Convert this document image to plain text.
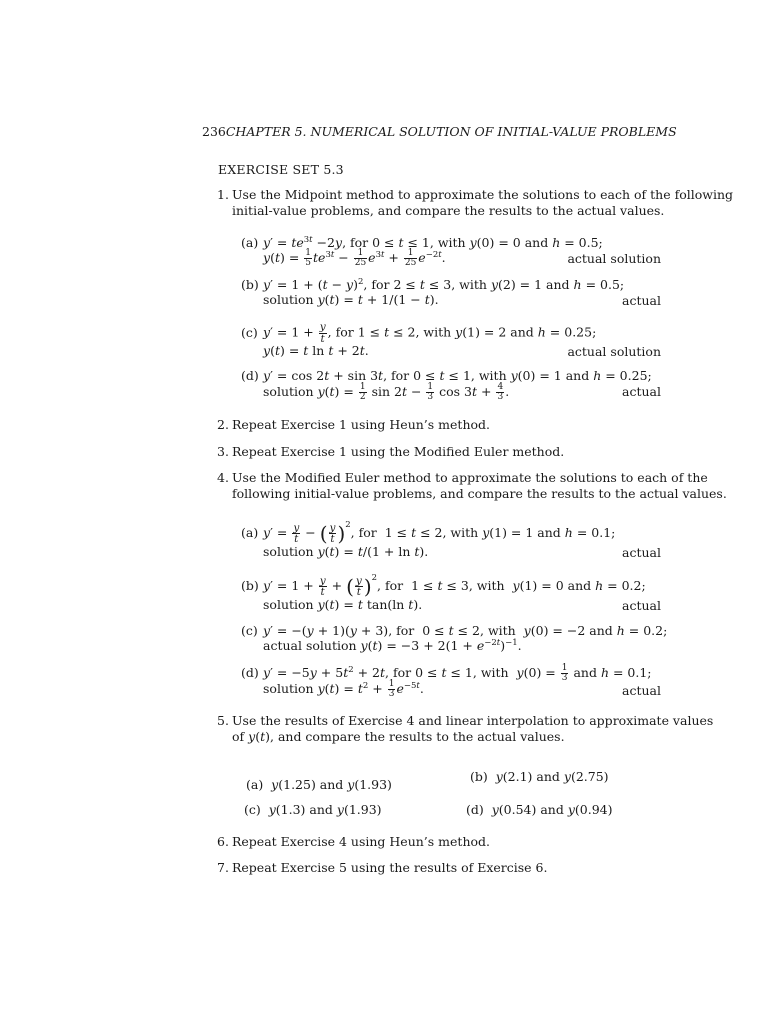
236CHAPTER 5. NUMERICAL SOLUTION OF INITIAL-VALUE PROBLEMS
EXERCISE SET 5.3
1. Use the Midpoint method to approximate the solutions to each of the following
initial-value problems, and compare the results to the actual values.
(a) $y' = te^{3t} -2y$, for 0 ≤ t ≤ 1, with y(0) = 0 and h = 0.5;
actual solution
$y(t) = \frac{1}{5} te^{3t} - \frac{1}{25} e^{3t} + \frac{1}{25} e^{-2t}$.
(b) $y' = 1 + (t - y)^2$, for 2 ≤ t ≤ 3, with y(2) = 1 and h = 0.5;
actual
solution y(t) = t + 1/(1 − t).
(c) $y' = 1 + \frac{y}{t}$ , for 1 ≤ t ≤ 2, with y(1) = 2 and h = 0.25;
actual solution
y(t) = t ln t + 2t.
(d) y′ = cos 2t + sin 3t, for 0 ≤ t ≤ 1, with y(0) = 1 and h = 0.25;
actual
solution $y(t) = \frac{1}{2}$ $\sin 2t - \frac{1}{3}$ $\cos 3t + \frac{4}{3}$ .
2. Repeat Exercise 1 using Heun’s method.
3. Repeat Exercise 1 using the Modified Euler method.
4. Use the Modified Euler method to approximate the solutions to each of the
following initial-value problems, and compare the results to the actual values.
(a) $y' = \frac{y}{t}$ − ( $\frac{y}{t} )^2$, for  1 ≤ t ≤ 2, with y(1) = 1 and h = 0.1;
actual
solution y(t) = t/(1 + ln t).
(b) $y' = 1 + \frac{y}{t}$ + ( $\frac{y}{t} )^2$, for  1 ≤ t ≤ 3, with  y(1) = 0 and h = 0.2;
actual
solution y(t) = t tan(ln t).
(c) y′ = −(y + 1)(y + 3), for  0 ≤ t ≤ 2, with  y(0) = −2 and h = 0.2;
actual solution $y(t) = -3 + 2(1 + e^{-2t})^{-1}$.
(d) $y' = -5y + 5t^2 + 2t$, for 0 ≤ t ≤ 1, with  $y(0) = \frac{1}{3}$ and h = 0.1;
actual
solution $y(t) = t^2 + \frac{1}{3} e^{-5t}$.
5. Use the results of Exercise 4 and linear interpolation to approximate values
of y(t), and compare the results to the actual values.
(a) y(1.25) and y(1.93)
(b) y(2.1) and y(2.75)
(c) y(1.3) and y(1.93)	(d) y(0.54) and y(0.94)
6. Repeat Exercise 4 using Heun’s method.
7. Repeat Exercise 5 using the results of Exercise 6.
